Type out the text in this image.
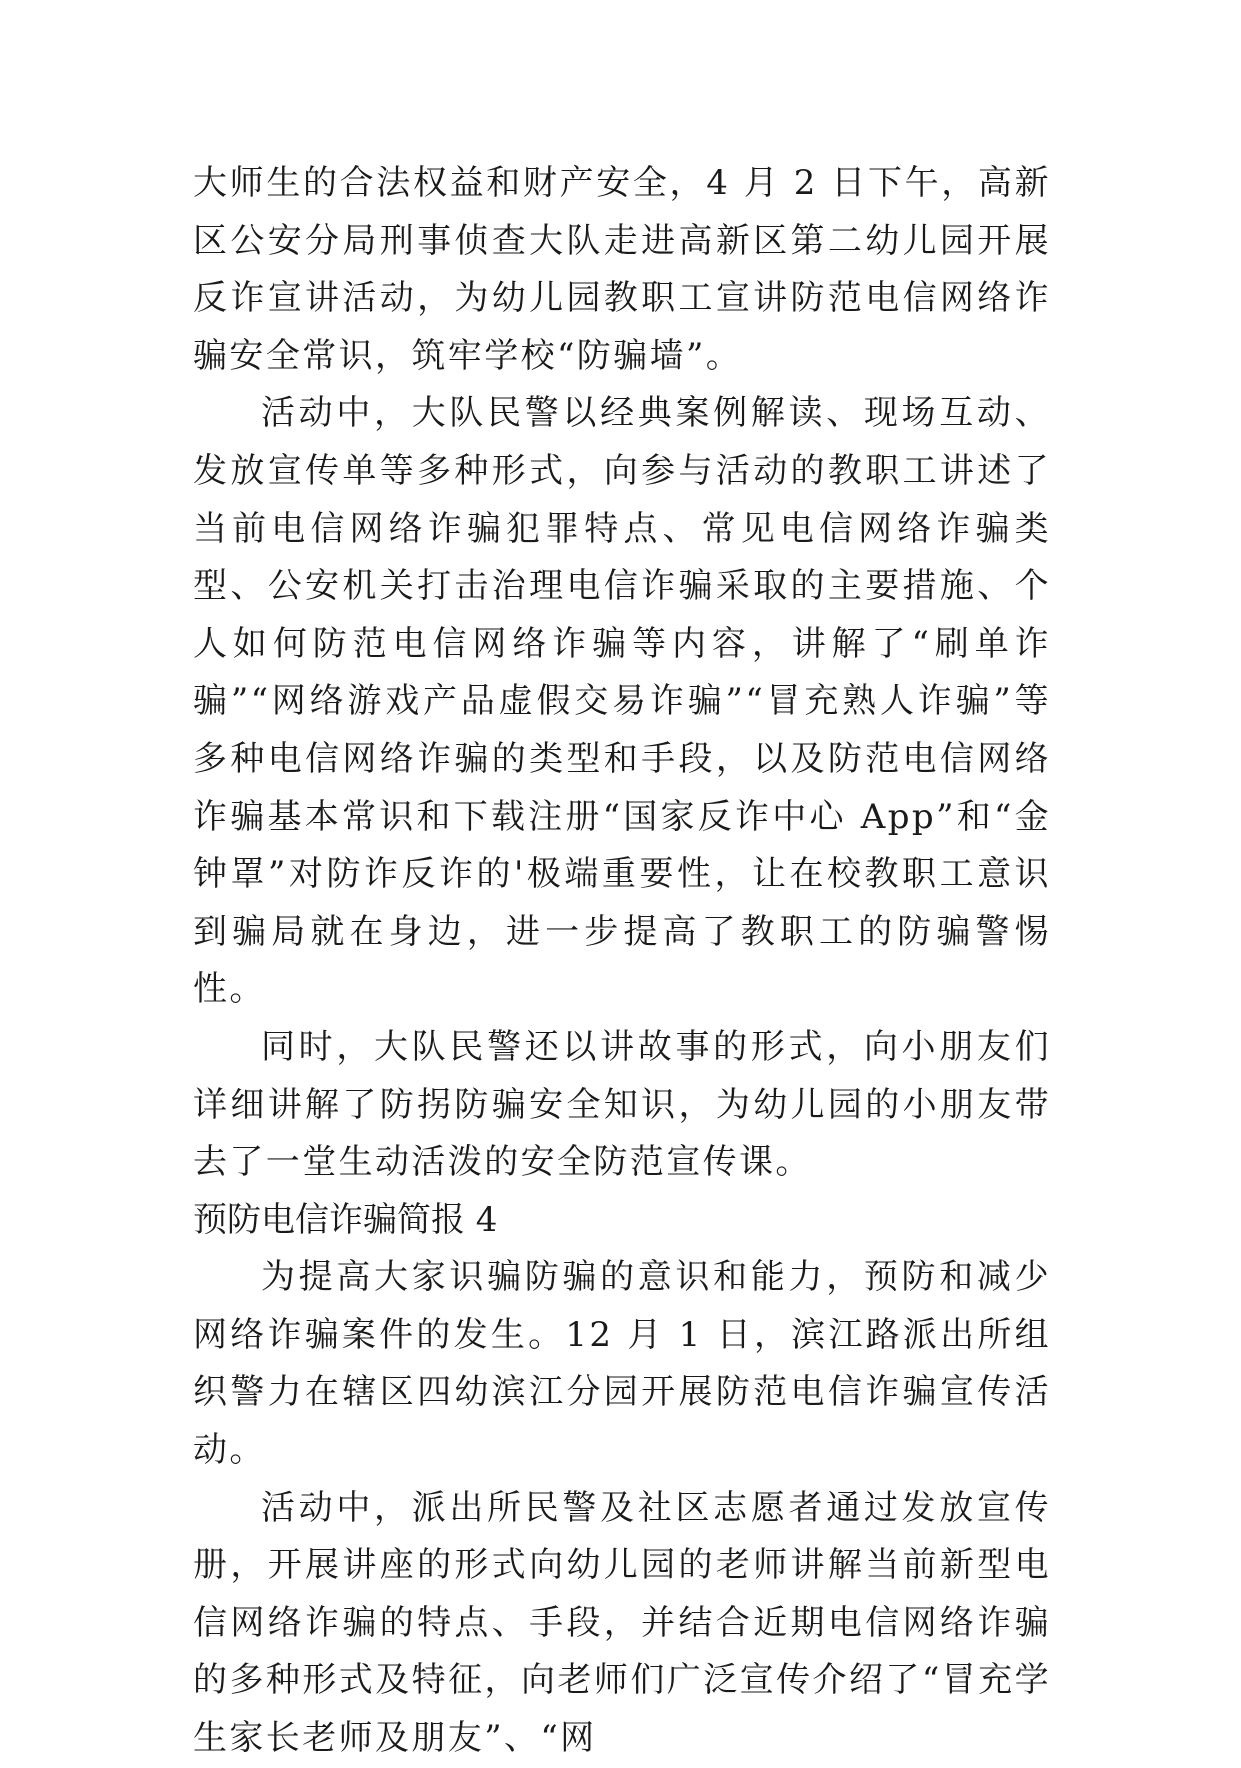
大师生的合法权益和财产安全，4 月 2 日下午，高新区公安分局刑事侦查大队走进高新区第二幼儿园开展反诈宣讲活动，为幼儿园教职工宣讲防范电信网络诈骗安全常识，筑牢学校“防骗墙”。

活动中，大队民警以经典案例解读、现场互动、发放宣传单等多种形式，向参与活动的教职工讲述了当前电信网络诈骗犯罪特点、常见电信网络诈骗类型、公安机关打击治理电信诈骗采取的主要措施、个人如何防范电信网络诈骗等内容，讲解了“刷单诈骗”“网络游戏产品虚假交易诈骗”“冒充熟人诈骗”等多种电信网络诈骗的类型和手段，以及防范电信网络诈骗基本常识和下载注册“国家反诈中心 App”和“金钟罩”对防诈反诈的'极端重要性，让在校教职工意识到骗局就在身边，进一步提高了教职工的防骗警惕性。

同时，大队民警还以讲故事的形式，向小朋友们详细讲解了防拐防骗安全知识，为幼儿园的小朋友带去了一堂生动活泼的安全防范宣传课。

预防电信诈骗简报 4

为提高大家识骗防骗的意识和能力，预防和减少网络诈骗案件的发生。12 月 1 日，滨江路派出所组织警力在辖区四幼滨江分园开展防范电信诈骗宣传活动。

活动中，派出所民警及社区志愿者通过发放宣传册，开展讲座的形式向幼儿园的老师讲解当前新型电信网络诈骗的特点、手段，并结合近期电信网络诈骗的多种形式及特征，向老师们广泛宣传介绍了“冒充学生家长老师及朋友”、“网
